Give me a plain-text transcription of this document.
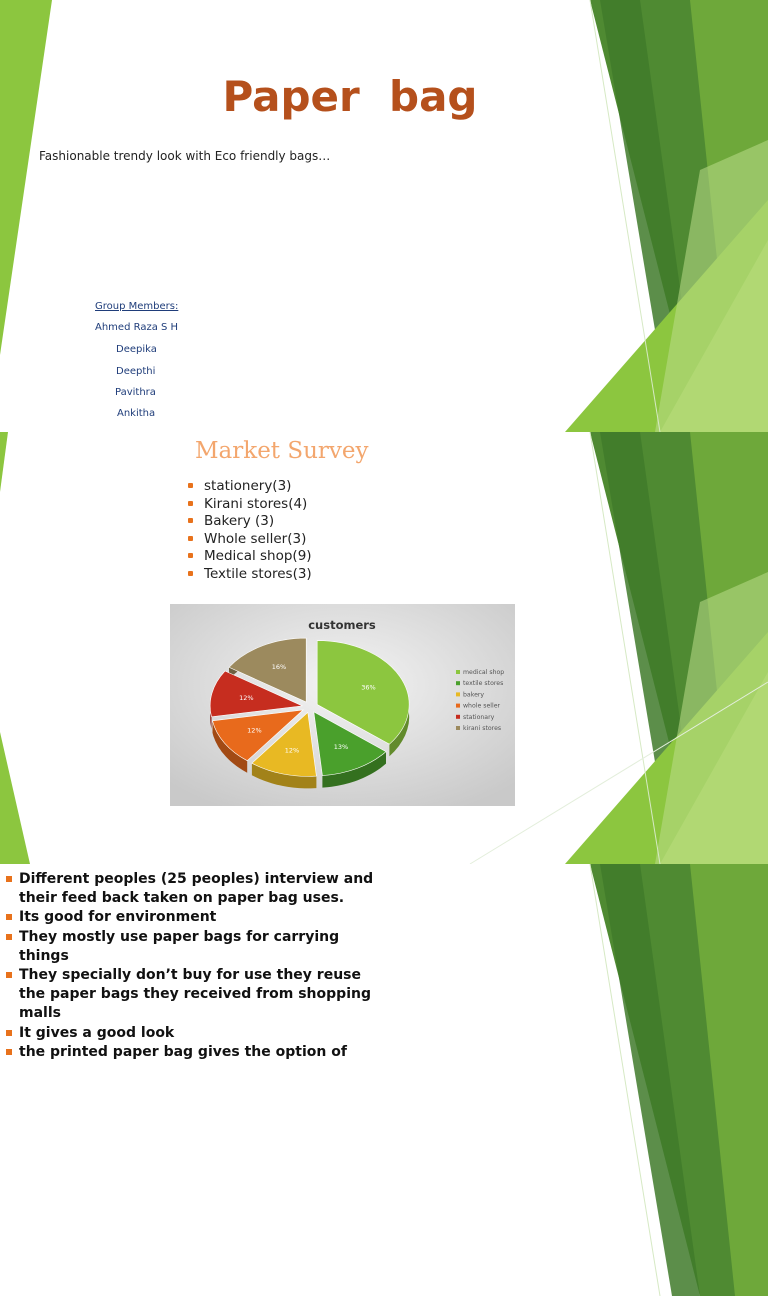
Paper  bag
Fashionable trendy look with Eco friendly bags…
Group Members:
Ahmed Raza S H
Deepika
Deepthi
Pavithra
Ankitha
Market Survey
stationery(3)
Kirani stores(4)
Bakery (3)
Whole seller(3)
Medical shop(9)
Textile stores(3)
customers
36%
13%
12%
12%
12%
16%
medical shop
textile stores
bakery
whole seller
stationary
kirani stores
Different peoples (25 peoples) interview and their feed back taken on paper bag uses.
Its good for environment
They mostly use paper bags for carrying things
They specially don’t buy for use they reuse the paper bags they received from shopping malls
It gives a good look
the printed paper bag gives the option of
